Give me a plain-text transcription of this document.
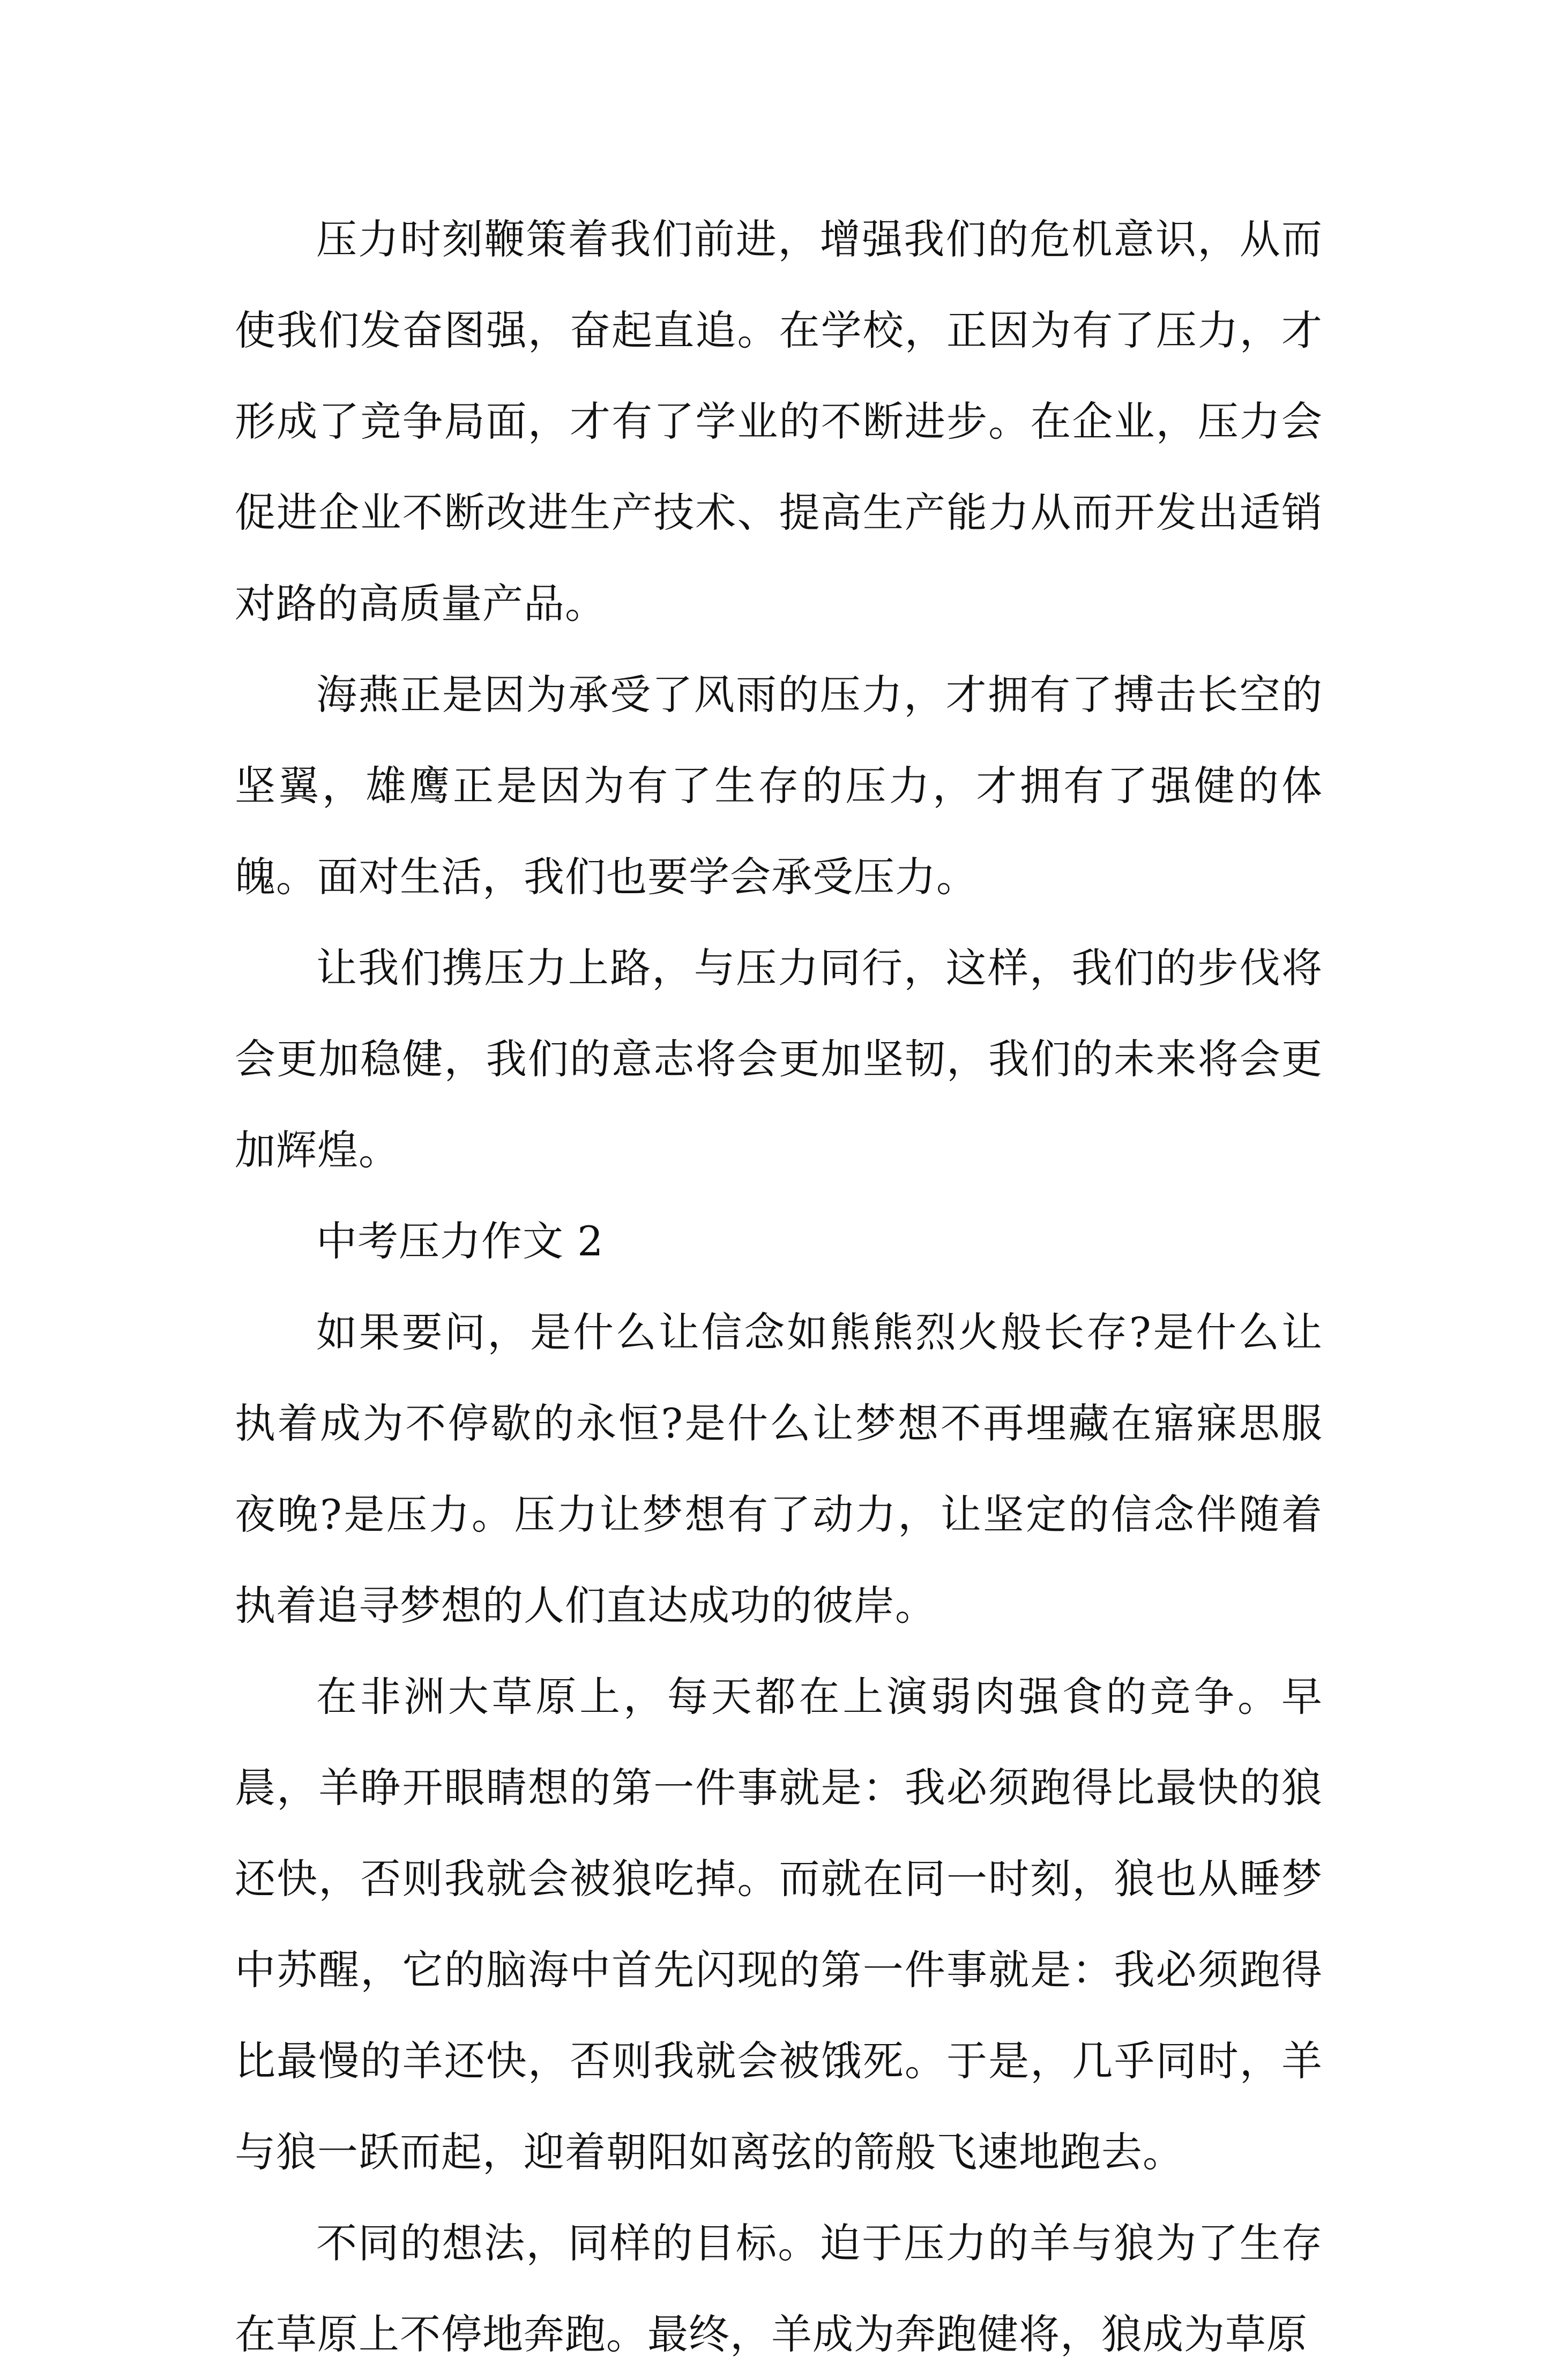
压力时刻鞭策着我们前进，增强我们的危机意识，从而使我们发奋图强，奋起直追。在学校，正因为有了压力，才形成了竞争局面，才有了学业的不断进步。在企业，压力会促进企业不断改进生产技术、提高生产能力从而开发出适销对路的高质量产品。

海燕正是因为承受了风雨的压力，才拥有了搏击长空的坚翼，雄鹰正是因为有了生存的压力，才拥有了强健的体魄。面对生活，我们也要学会承受压力。

让我们携压力上路，与压力同行，这样，我们的步伐将会更加稳健，我们的意志将会更加坚韧，我们的未来将会更加辉煌。

中考压力作文 2

如果要问，是什么让信念如熊熊烈火般长存?是什么让执着成为不停歇的永恒?是什么让梦想不再埋藏在寤寐思服夜晚?是压力。压力让梦想有了动力，让坚定的信念伴随着执着追寻梦想的人们直达成功的彼岸。

在非洲大草原上，每天都在上演弱肉强食的竞争。早晨，羊睁开眼睛想的第一件事就是：我必须跑得比最快的狼还快，否则我就会被狼吃掉。而就在同一时刻，狼也从睡梦中苏醒，它的脑海中首先闪现的第一件事就是：我必须跑得比最慢的羊还快，否则我就会被饿死。于是，几乎同时，羊与狼一跃而起，迎着朝阳如离弦的箭般飞速地跑去。

不同的想法，同样的目标。迫于压力的羊与狼为了生存在草原上不停地奔跑。最终，羊成为奔跑健将，狼成为草原
